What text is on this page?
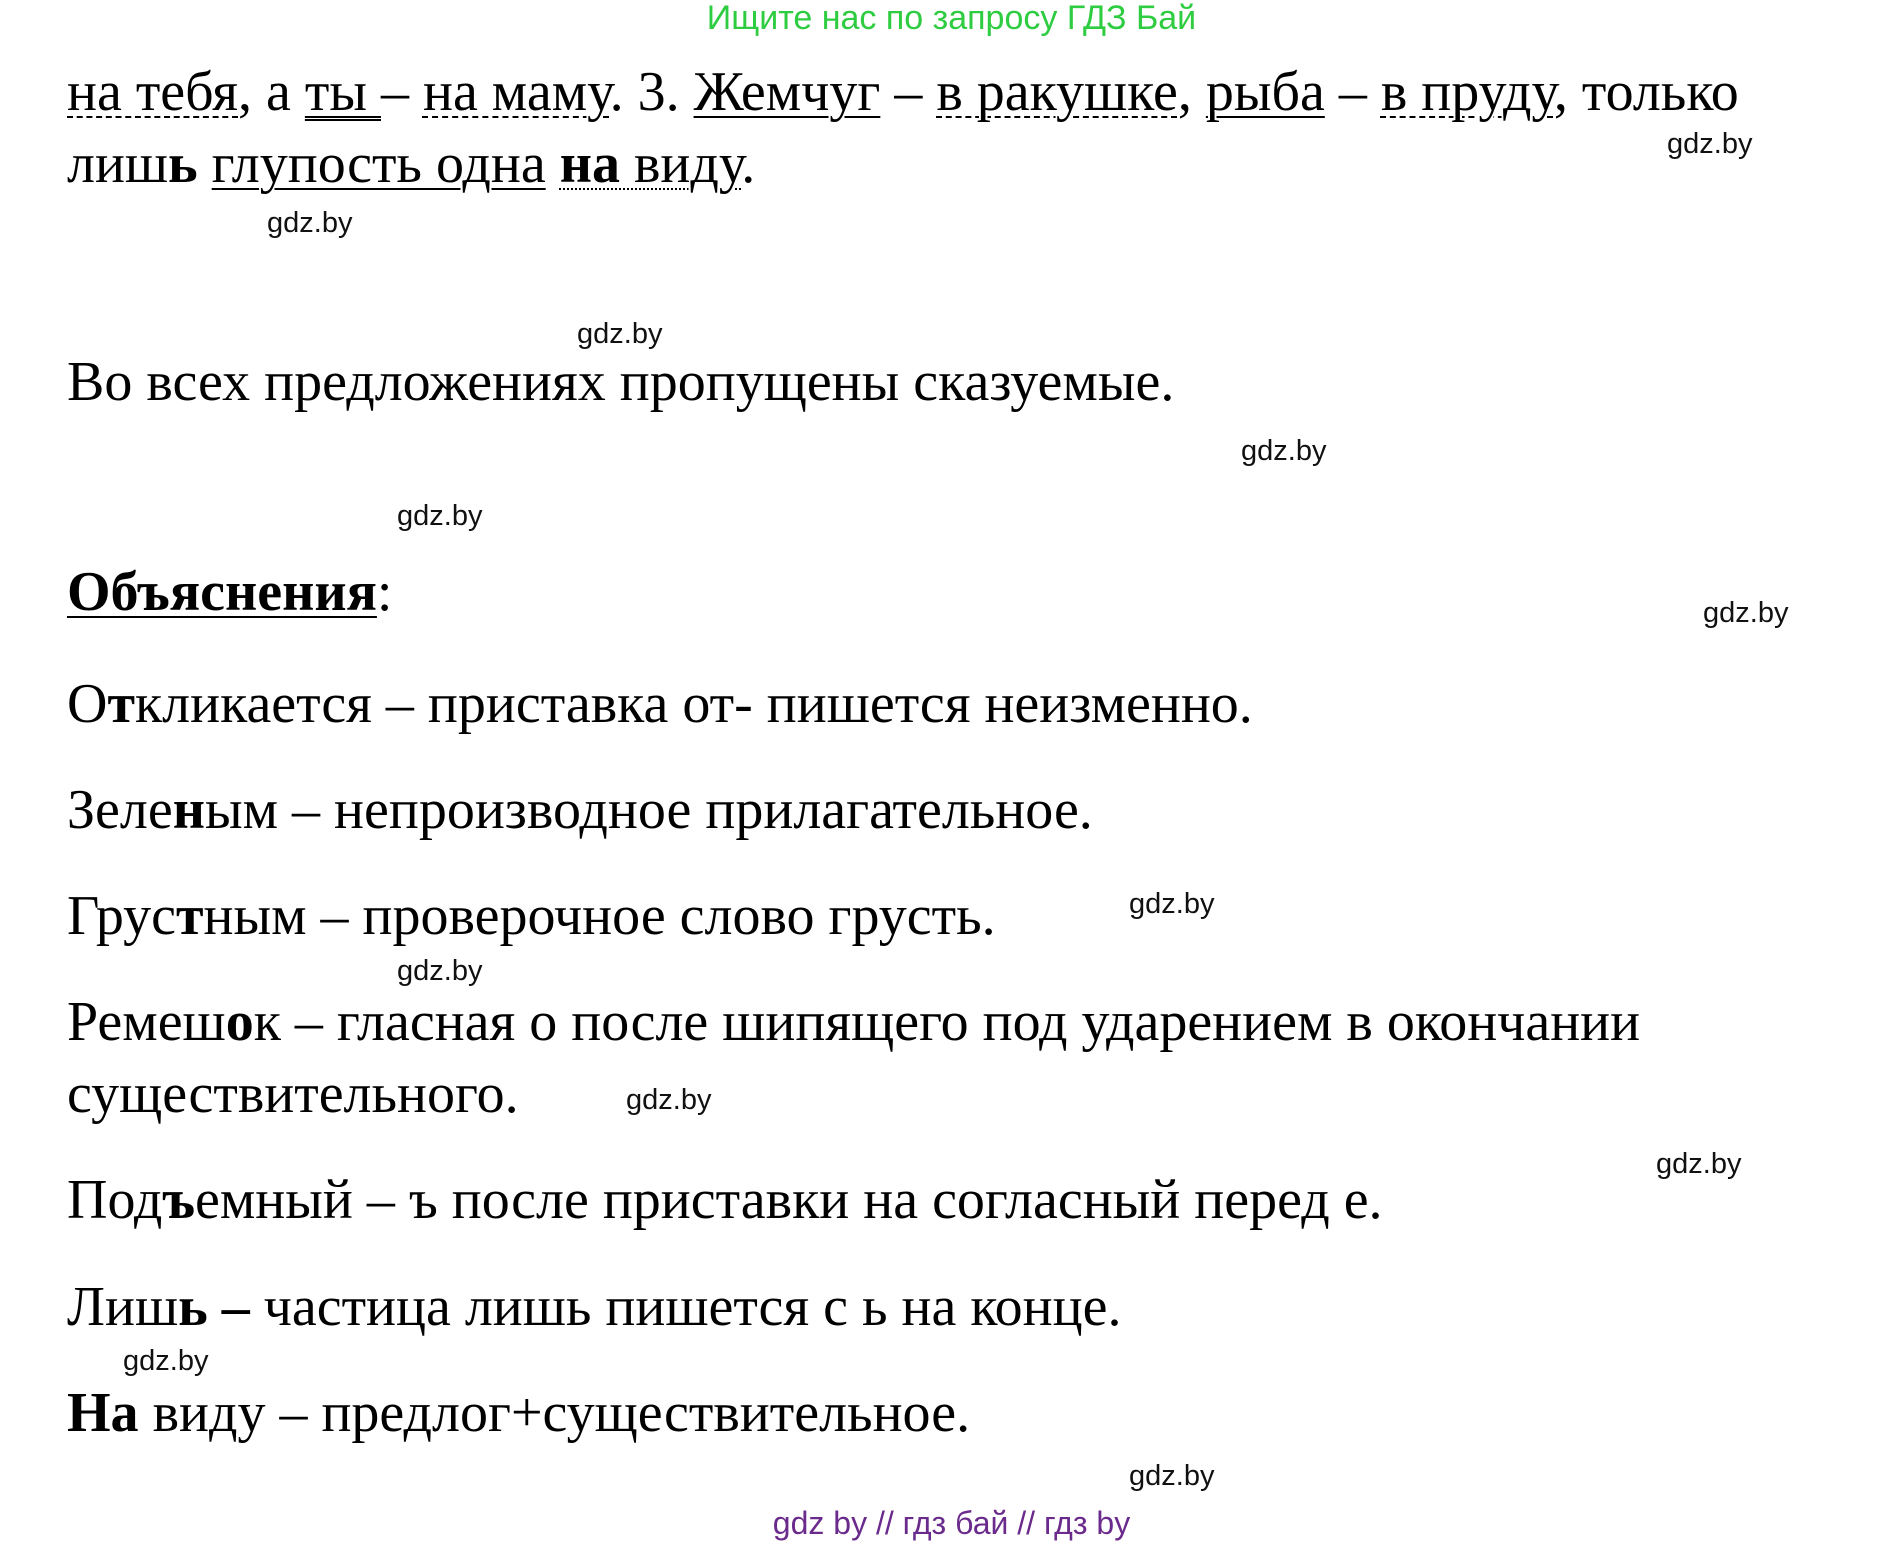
Ищите нас по запросу ГДЗ Бай
на тебя, а ты – на маму. 3. Жемчуг – в ракушке, рыба – в пруду, только
лишь глупость одна на виду.
Во всех предложениях пропущены сказуемые.
Объяснения:
Откликается – приставка от- пишется неизменно.
Зеленым – непроизводное прилагательное.
Грустным – проверочное слово грусть.
Ремешок – гласная о после шипящего под ударением в окончании
существительного.
Подъемный – ъ после приставки на согласный перед е.
Лишь – частица лишь пишется с ь на конце.
На виду – предлог+существительное.
gdz.by
gdz.by
gdz.by
gdz.by
gdz.by
gdz.by
gdz.by
gdz.by
gdz.by
gdz.by
gdz.by
gdz.by
gdz by // гдз бай // гдз by
